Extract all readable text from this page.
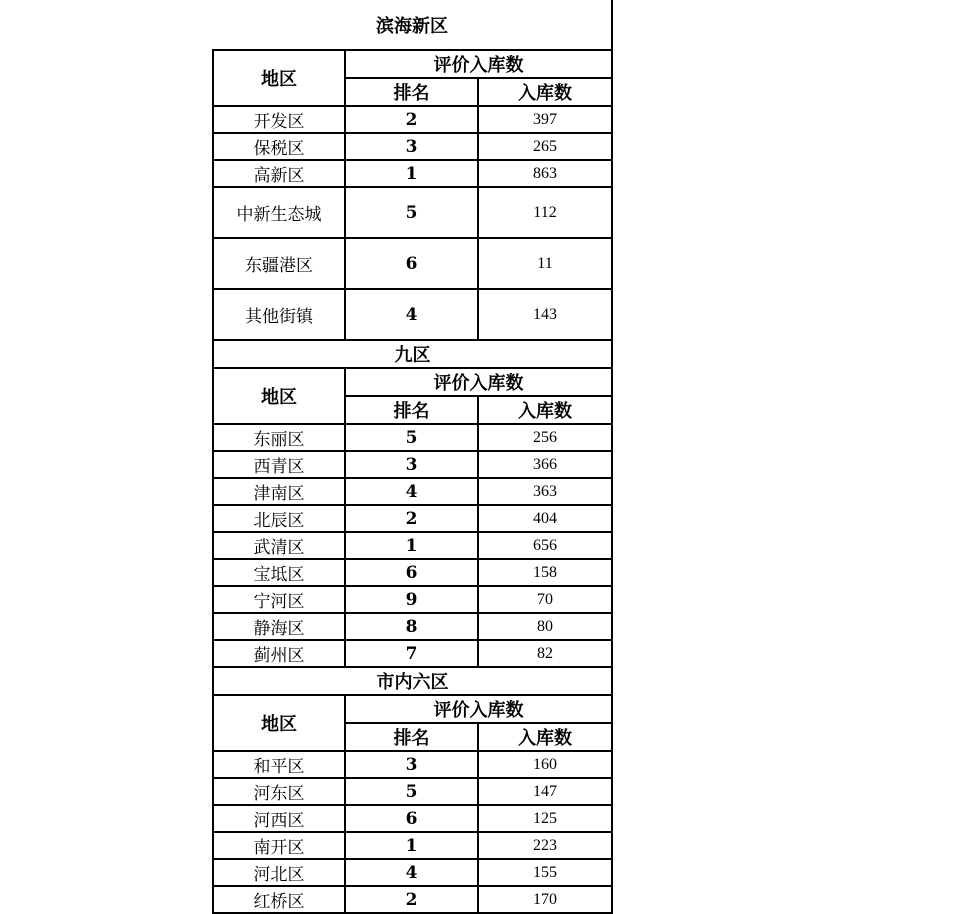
滨海新区		
地区	评价入库数	
	排名	入库数
开发区	2	397
保税区	3	265
高新区	1	863
中新生态城	5	112
东疆港区	6	11
其他街镇	4	143
九区		
地区	评价入库数	
	排名	入库数
东丽区	5	256
西青区	3	366
津南区	4	363
北辰区	2	404
武清区	1	656
宝坻区	6	158
宁河区	9	70
静海区	8	80
蓟州区	7	82
市内六区		
地区	评价入库数	
	排名	入库数
和平区	3	160
河东区	5	147
河西区	6	125
南开区	1	223
河北区	4	155
红桥区	2	170
